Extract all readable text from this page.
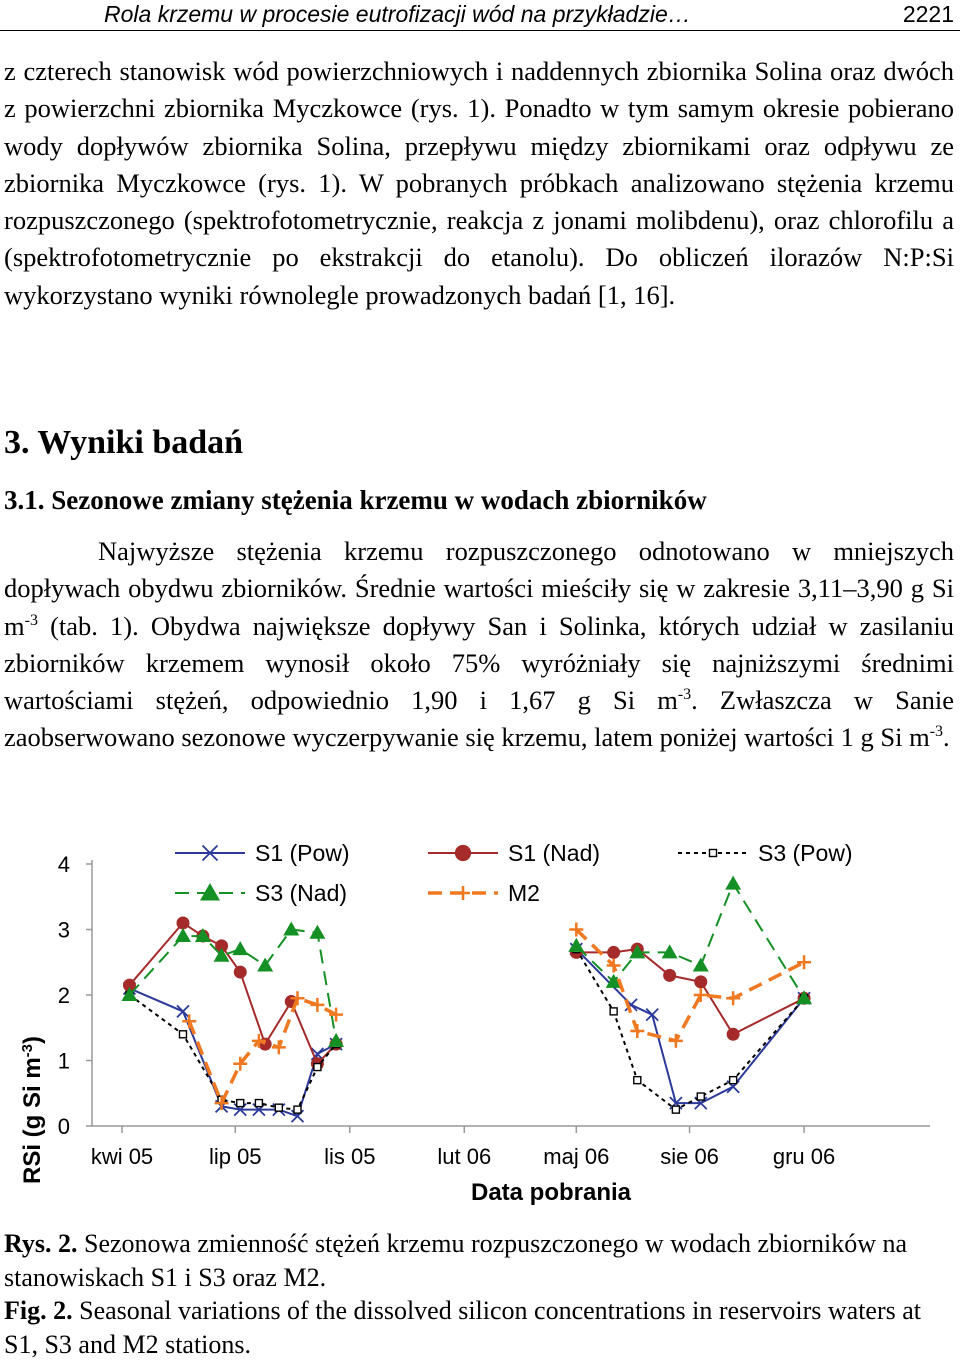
Rola krzemu w procesie eutrofizacji wód na przykładzie…	2221
z czterech stanowisk wód powierzchniowych i naddennych zbiornika Solina oraz dwóch z powierzchni zbiornika Myczkowce (rys. 1). Ponadto w tym samym okresie pobierano wody dopływów zbiornika Solina, przepływu między zbiornikami oraz odpływu ze zbiornika Myczkowce (rys. 1). W pobranych próbkach analizowano stężenia krzemu rozpuszczonego (spektrofotometrycznie, reakcja z jonami molibdenu), oraz chlorofilu a (spektrofotometrycznie po ekstrakcji do etanolu). Do obliczeń ilorazów N:P:Si wykorzystano wyniki równolegle prowadzonych badań [1, 16].
3. Wyniki badań
3.1. Sezonowe zmiany stężenia krzemu w wodach zbiorników
Najwyższe stężenia krzemu rozpuszczonego odnotowano w mniejszych dopływach obydwu zbiorników. Średnie wartości mieściły się w zakresie 3,11–3,90 g Si $m^{-3}$ (tab. 1). Obydwa największe dopływy San i Solinka, których udział w zasilaniu zbiorników krzemem wynosił około 75% wyróżniały się najniższymi średnimi wartościami stężeń, odpowiednio 1,90 i 1,67 g Si $m^{-3}$. Zwłaszcza w Sanie zaobserwowano sezonowe wyczerpywanie się krzemu, latem poniżej wartości 1 g Si $m^{-3}$.
0
1
2
3
4
kwi 05	lip 05	lis 05	lut 06 maj 06 sie 06 gru 06
S1 (Pow)	S1 (Nad)	S3 (Pow)
S3 (Nad)	M2
RSi (g Si $m^{-3}$)
Data pobrania
Rys. 2. Sezonowa zmienność stężeń krzemu rozpuszczonego w wodach zbiorników na stanowiskach S1 i S3 oraz M2.
Fig. 2. Seasonal variations of the dissolved silicon concentrations in reservoirs waters at S1, S3 and M2 stations.
